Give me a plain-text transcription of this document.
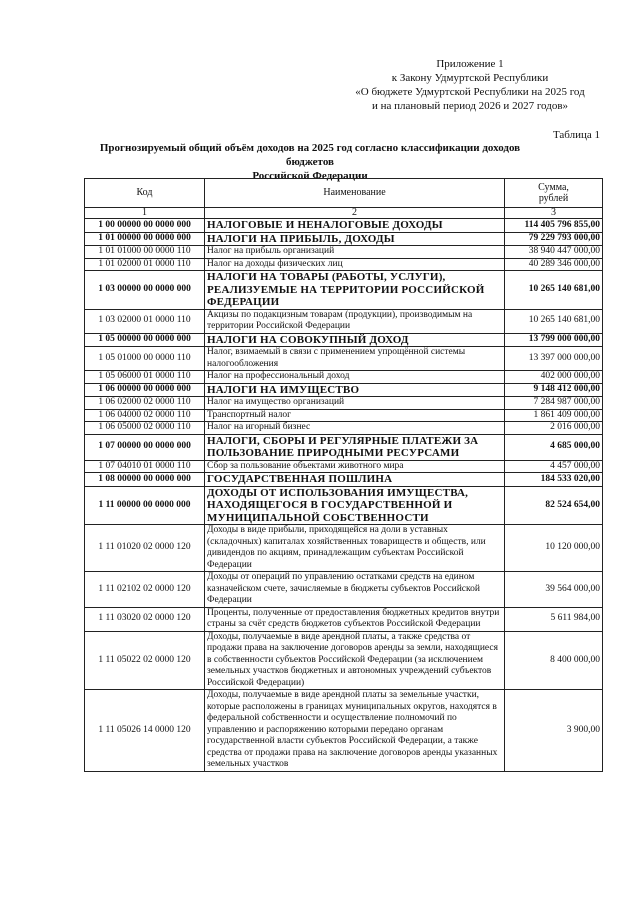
Приложение 1
к Закону Удмуртской Республики
«О бюджете Удмуртской Республики на 2025 год
и на плановый период 2026 и 2027 годов»
Таблица 1
Прогнозируемый общий объём доходов на 2025 год согласно классификации доходов бюджетов
Российской Федерации
Код	Наименование	Сумма,
рублей

1	2	3
1 00 00000 00 0000 000	НАЛОГОВЫЕ И НЕНАЛОГОВЫЕ ДОХОДЫ	114 405 796 855,00
1 01 00000 00 0000 000	НАЛОГИ НА ПРИБЫЛЬ, ДОХОДЫ	79 229 793 000,00
1 01 01000 00 0000 110	Налог на прибыль организаций	38 940 447 000,00
1 01 02000 01 0000 110	Налог на доходы физических лиц	40 289 346 000,00
1 03 00000 00 0000 000	НАЛОГИ НА ТОВАРЫ (РАБОТЫ, УСЛУГИ), РЕАЛИЗУЕМЫЕ НА ТЕРРИТОРИИ РОССИЙСКОЙ ФЕДЕРАЦИИ	10 265 140 681,00
1 03 02000 01 0000 110	Акцизы по подакцизным товарам (продукции), производимым на территории Российской Федерации	10 265 140 681,00
1 05 00000 00 0000 000	НАЛОГИ НА СОВОКУПНЫЙ ДОХОД	13 799 000 000,00
1 05 01000 00 0000 110	Налог, взимаемый в связи с применением упрощённой системы налогообложения	13 397 000 000,00
1 05 06000 01 0000 110	Налог на профессиональный доход	402 000 000,00
1 06 00000 00 0000 000	НАЛОГИ НА ИМУЩЕСТВО	9 148 412 000,00
1 06 02000 02 0000 110	Налог на имущество организаций	7 284 987 000,00
1 06 04000 02 0000 110	Транспортный налог	1 861 409 000,00
1 06 05000 02 0000 110	Налог на игорный бизнес	2 016 000,00
1 07 00000 00 0000 000	НАЛОГИ, СБОРЫ И РЕГУЛЯРНЫЕ ПЛАТЕЖИ ЗА ПОЛЬЗОВАНИЕ ПРИРОДНЫМИ РЕСУРСАМИ	4 685 000,00
1 07 04010 01 0000 110	Сбор за пользование объектами животного мира	4 457 000,00
1 08 00000 00 0000 000	ГОСУДАРСТВЕННАЯ ПОШЛИНА	184 533 020,00
1 11 00000 00 0000 000	ДОХОДЫ ОТ ИСПОЛЬЗОВАНИЯ ИМУЩЕСТВА, НАХОДЯЩЕГОСЯ В ГОСУДАРСТВЕННОЙ И МУНИЦИПАЛЬНОЙ СОБСТВЕННОСТИ	82 524 654,00
1 11 01020 02 0000 120	Доходы в виде прибыли, приходящейся на доли в уставных (складочных) капиталах хозяйственных товариществ и обществ, или дивидендов по акциям, принадлежащим субъектам Российской Федерации	10 120 000,00
1 11 02102 02 0000 120	Доходы от операций по управлению остатками средств на едином казначейском счете, зачисляемые в бюджеты субъектов Российской Федерации	39 564 000,00
1 11 03020 02 0000 120	Проценты, полученные от предоставления бюджетных кредитов внутри страны за счёт средств бюджетов субъектов Российской Федерации	5 611 984,00
1 11 05022 02 0000 120	Доходы, получаемые в виде арендной платы, а также средства от продажи права на заключение договоров аренды за земли, находящиеся в собственности субъектов Российской Федерации (за исключением земельных участков бюджетных и автономных учреждений субъектов Российской Федерации)	8 400 000,00
1 11 05026 14 0000 120	Доходы, получаемые в виде арендной платы за земельные участки, которые расположены в границах муниципальных округов, находятся в федеральной собственности и осуществление полномочий по управлению и распоряжению которыми передано органам государственной власти субъектов Российской Федерации, а также средства от продажи права на заключение договоров аренды указанных земельных участков	3 900,00
